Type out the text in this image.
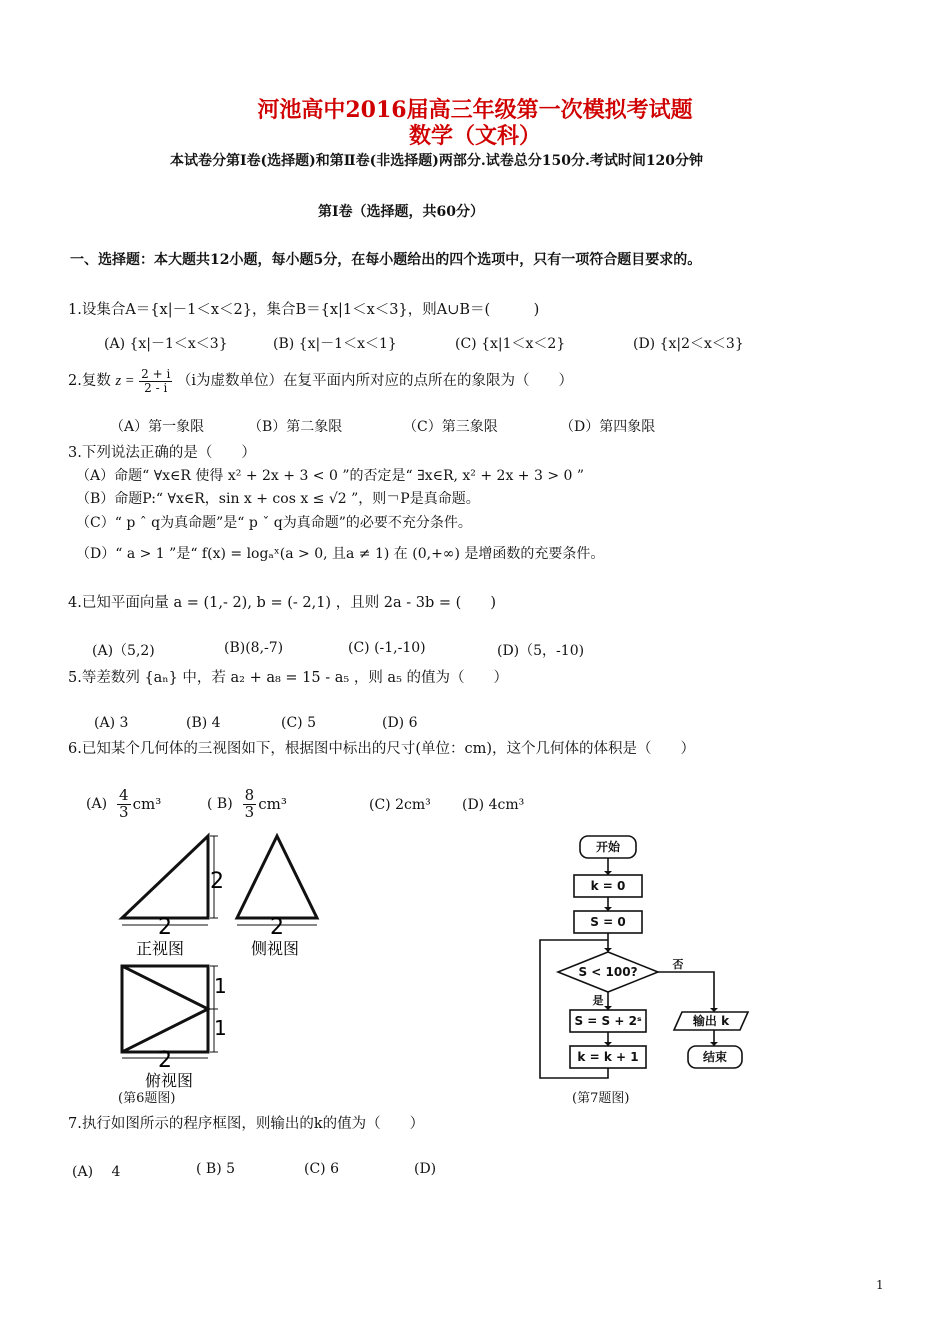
河池高中2016届高三年级第一次模拟考试题
数学（文科）
本试卷分第Ⅰ卷(选择题)和第Ⅱ卷(非选择题)两部分.试卷总分150分.考试时间120分钟
第Ⅰ卷（选择题，共60分）
一、选择题：本大题共12小题，每小题5分，在每小题给出的四个选项中，只有一项符合题目要求的。
1.设集合A＝{x|－1＜x＜2}，集合B＝{x|1＜x＜3}，则A∪B＝(　　　)
(A) {x|－1＜x＜3}	(B) {x|－1＜x＜1}	(C) {x|1＜x＜2}	(D) {x|2＜x＜3}
2.复数 $z = \frac{2 + i}{2 - i} (i$为虚数单位）在复平面内所对应的点所在的象限为（　　）
（A）第一象限	（B）第二象限	（C）第三象限	（D）第四象限
3.下列说法正确的是（　　）
（A）命题“ ∀x∈R 使得 x² + 2x + 3 < 0 ”的否定是“ ∃x∈R, x² + 2x + 3 > 0 ”
（B）命题P:“ ∀x∈R，sin x + cos x ≤ √2 ”，则￢P是真命题。
（C）“ p ˆ q为真命题”是“ p ˇ q为真命题”的必要不充分条件。
（D）“ a > 1 ”是“ f(x) = logₐˣ(a > 0, 且a ≠ 1) 在 (0,+∞) 是增函数的充要条件。
4.已知平面向量 a = (1,- 2), b = (- 2,1) ，且则 2a - 3b = (　　)
(A)（5,2)	(B)(8,-7)	(C) (-1,-10)	(D)（5，-10)
5.等差数列 {aₙ} 中，若 a₂ + a₈ = 15 - a₅ ，则 a₅ 的值为（　　）
(A) 3	(B) 4	(C) 5	(D) 6
6.已知某个几何体的三视图如下，根据图中标出的尺寸(单位：cm)，这个几何体的体积是（　　）
$(A) \frac{4}{3} cm^3$	( $B) \frac{8}{3} cm^3$	(C) 2cm³ (D) 4cm³
2
2
正视图
2
侧视图
1
1
2
俯视图
(第6题图)
开始
k = 0
S = 0
S < 100?
S = S + 2ˢ
k = k + 1
输出 k
结束
否
是
(第7题图)
7.执行如图所示的程序框图，则输出的k的值为（　　）
(A)　 4	( B) 5	(C) 6	(D)
1
